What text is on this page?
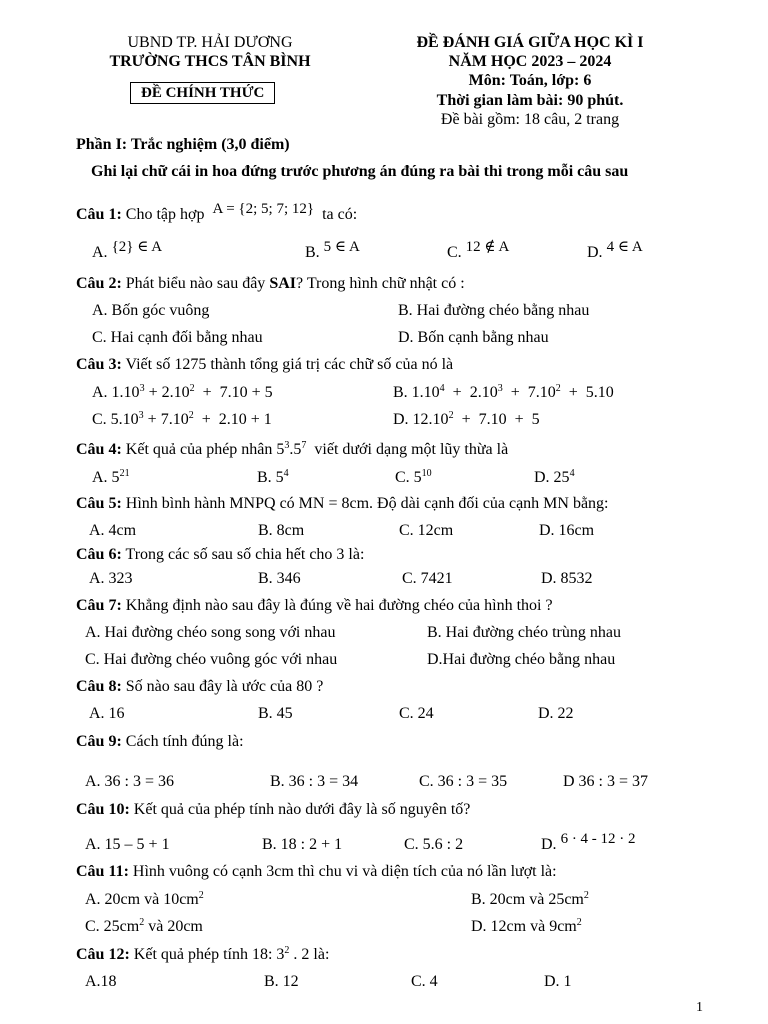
UBND TP. HẢI DƯƠNG
TRƯỜNG THCS TÂN BÌNH
ĐỀ CHÍNH THỨC
ĐỀ ĐÁNH GIÁ GIỮA HỌC KÌ I
NĂM HỌC 2023 – 2024
Môn: Toán, lớp: 6
Thời gian làm bài: 90 phút.
Đề bài gồm: 18 câu, 2 trang
Phần I: Trắc nghiệm (3,0 điểm)
Ghi lại chữ cái in hoa đứng trước phương án đúng ra bài thi trong mỗi câu sau
Câu 1: Cho tập hợp A = {2; 5; 7; 12} ta có:
A. {2} ∈ A	B. 5 ∈ A	C. 12 ∉ A	D. 4 ∈ A
Câu 2: Phát biểu nào sau đây SAI? Trong hình chữ nhật có :
A. Bốn góc vuông	B. Hai đường chéo bằng nhau
C. Hai cạnh đối bằng nhau	D. Bốn cạnh bằng nhau
Câu 3: Viết số 1275 thành tổng giá trị các chữ số của nó là
A. $1.10^3 + 2.10^2 + 7.10 + 5$	B. 1.10$^4$  +  2.10$^3$  +  7.10$^2$  +  5.10
C. $5.10^3 + 7.10^2 + 2.10 + 1$	D. 12.10$^2$  +  7.10  +  5
Câu 4: Kết quả của phép nhân $5^3.5^7$ viết dưới dạng một lũy thừa là
A. $5^{21}$	B. $5^4$	C. $5^{10}$	D. $25^4$
Câu 5: Hình bình hành MNPQ có MN = 8cm. Độ dài cạnh đối của cạnh MN bằng:
A. 4cm	B. 8cm	C. 12cm	D. 16cm
Câu 6: Trong các số sau số chia hết cho 3 là:
A. 323	B. 346	C. 7421	D. 8532
Câu 7: Khẳng định nào sau đây là đúng về hai đường chéo của hình thoi ?
A. Hai đường chéo song song với nhau	B. Hai đường chéo trùng nhau
C. Hai đường chéo vuông góc với nhau	D.Hai đường chéo bằng nhau
Câu 8: Số nào sau đây là ước của 80 ?
A. 16	B. 45	C. 24	D. 22
Câu 9: Cách tính đúng là:
A. 36 : 3 = 36	B. 36 : 3 = 34	C. 36 : 3 = 35	D 36 : 3 = 37
Câu 10: Kết quả của phép tính nào dưới đây là số nguyên tố?
A. 15 – 5 + 1	B. 18 : 2 + 1	C. 5.6 : 2	D. 6 · 4 - 12 · 2
Câu 11: Hình vuông có cạnh 3cm thì chu vi và diện tích của nó lần lượt là:
A. 20cm và $10cm^2$	B. 20cm và $25cm^2$
C. $25cm^2$ và 20cm	D. 12cm và $9cm^2$
Câu 12: Kết quả phép tính 18: $3^2$ . 2 là:
A.18	B. 12	C. 4	D. 1
1
